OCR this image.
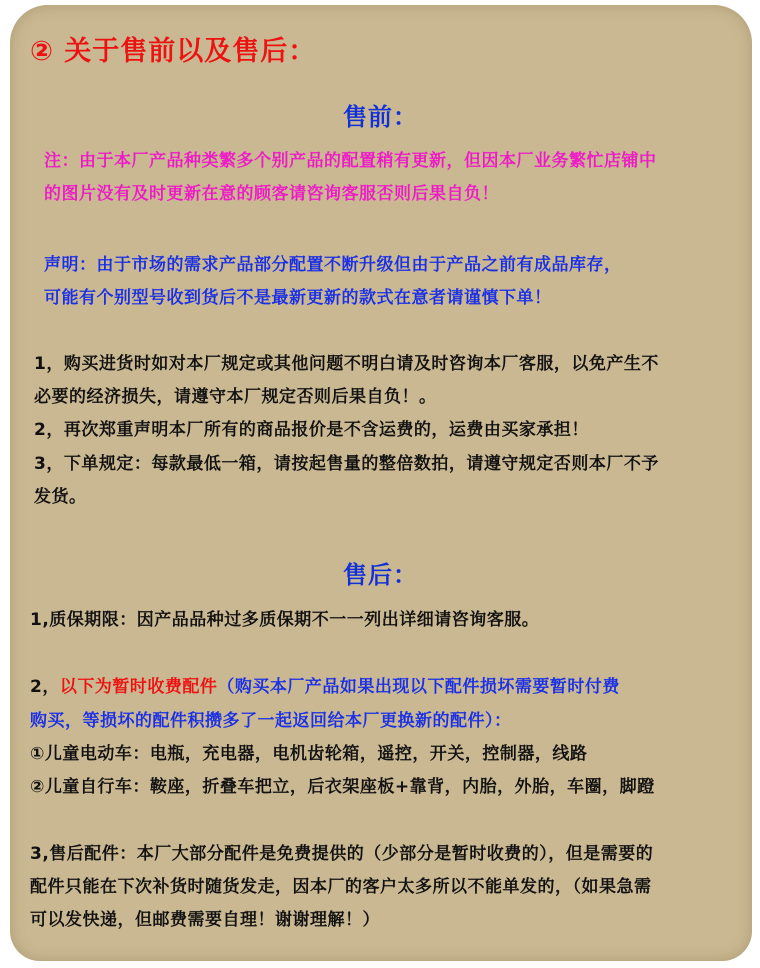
② 关于售前以及售后：
售前：
注：由于本厂产品种类繁多个别产品的配置稍有更新，但因本厂业务繁忙店铺中
的图片没有及时更新在意的顾客请咨询客服否则后果自负！
声明：由于市场的需求产品部分配置不断升级但由于产品之前有成品库存，
可能有个别型号收到货后不是最新更新的款式在意者请谨慎下单！
1，购买进货时如对本厂规定或其他问题不明白请及时咨询本厂客服，以免产生不
必要的经济损失，请遵守本厂规定否则后果自负！。
2，再次郑重声明本厂所有的商品报价是不含运费的，运费由买家承担！
3，下单规定：每款最低一箱，请按起售量的整倍数拍，请遵守规定否则本厂不予
发货。
售后：
1,质保期限：因产品品种过多质保期不一一列出详细请咨询客服。
2，以下为暂时收费配件（购买本厂产品如果出现以下配件损坏需要暂时付费
购买，等损坏的配件积攒多了一起返回给本厂更换新的配件）：
①儿童电动车：电瓶，充电器，电机齿轮箱，遥控，开关，控制器，线路
②儿童自行车：鞍座，折叠车把立，后衣架座板+靠背，内胎，外胎，车圈，脚蹬
3,售后配件：本厂大部分配件是免费提供的（少部分是暂时收费的），但是需要的
配件只能在下次补货时随货发走，因本厂的客户太多所以不能单发的，（如果急需
可以发快递，但邮费需要自理！谢谢理解！）
